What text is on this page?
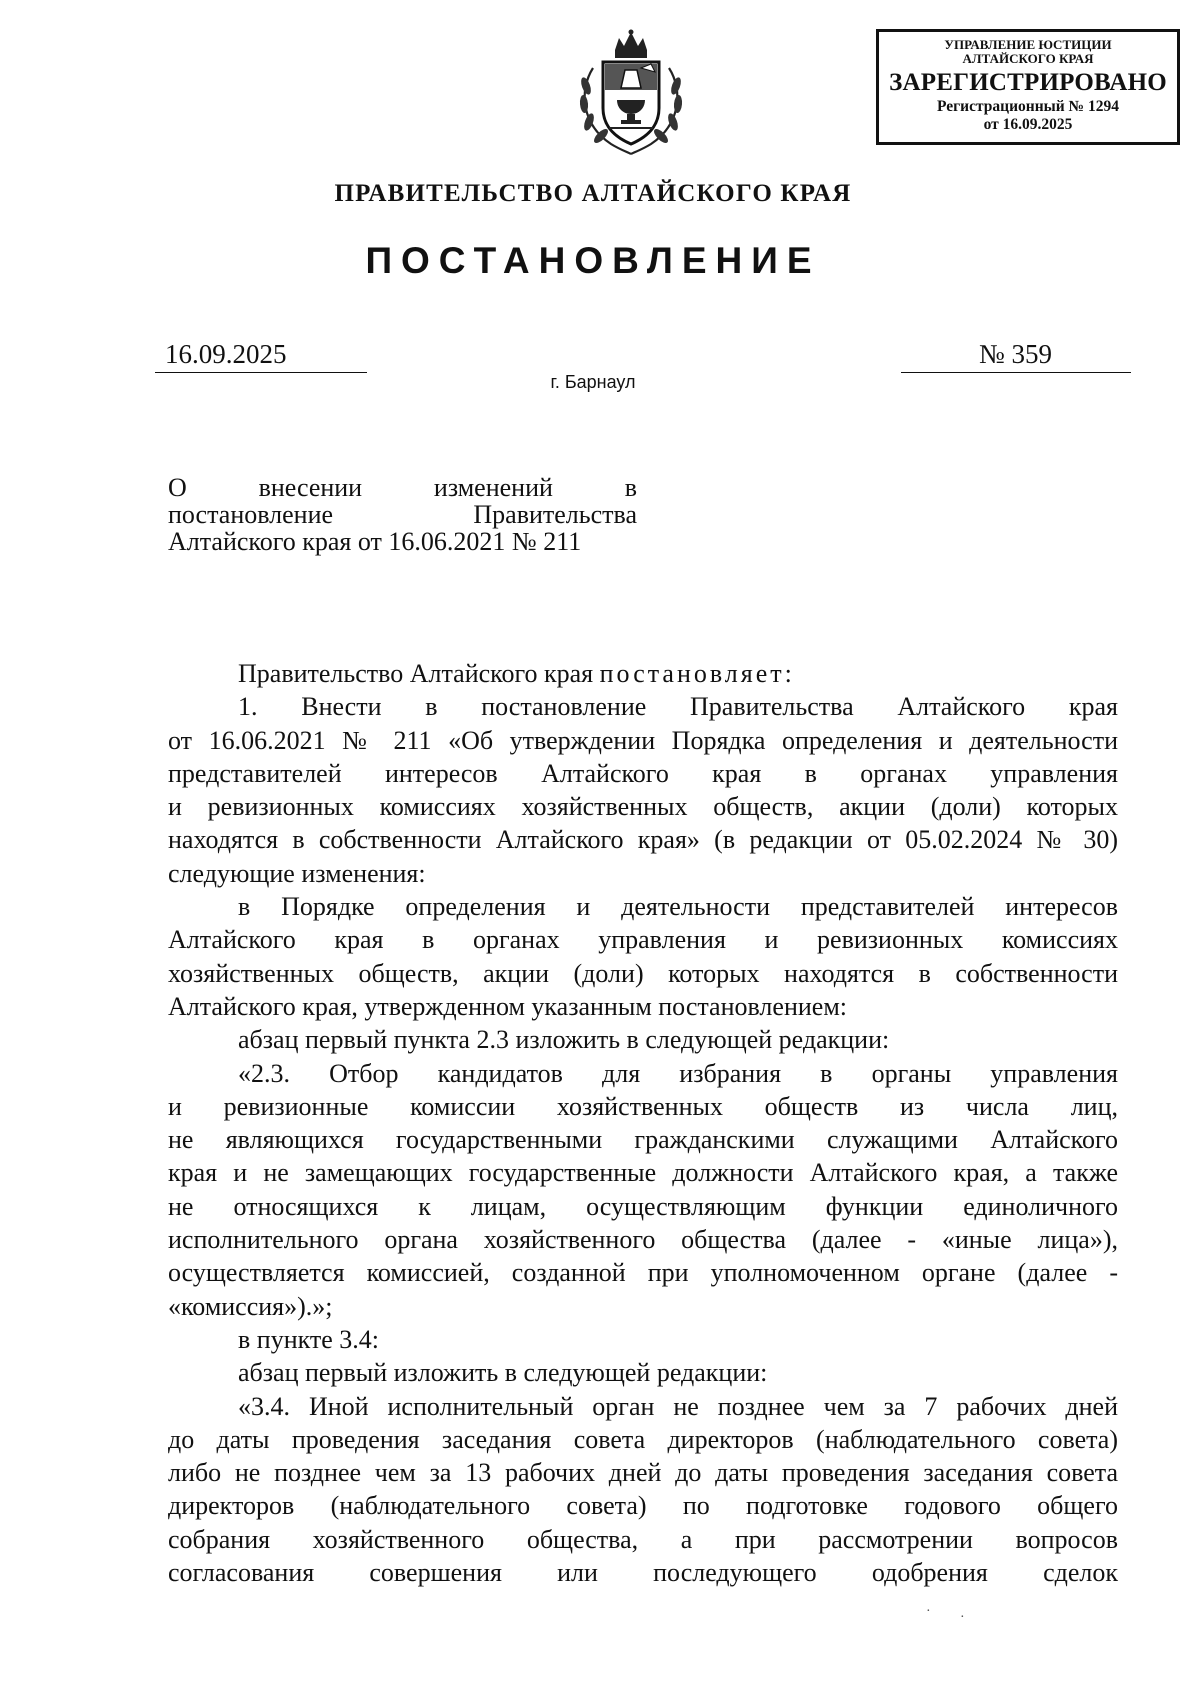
УПРАВЛЕНИЕ ЮСТИЦИИ
АЛТАЙСКОГО КРАЯ
ЗАРЕГИСТРИРОВАНО
Регистрационный № 1294
от 16.09.2025
ПРАВИТЕЛЬСТВО АЛТАЙСКОГО КРАЯ
ПОСТАНОВЛЕНИЕ
16.09.2025	№ 359
г. Барнаул
О внесении изменений в
постановление Правительства
Алтайского края от 16.06.2021 № 211

Правительство Алтайского края постановляет:

1. Внести в постановление Правительства Алтайского края

от 16.06.2021 № 211 «Об утверждении Порядка определения и деятельности

представителей интересов Алтайского края в органах управления

и ревизионных комиссиях хозяйственных обществ, акции (доли) которых

находятся в собственности Алтайского края» (в редакции от 05.02.2024 № 30)

следующие изменения:

в Порядке определения и деятельности представителей интересов

Алтайского края в органах управления и ревизионных комиссиях

хозяйственных обществ, акции (доли) которых находятся в собственности

Алтайского края, утвержденном указанным постановлением:

абзац первый пункта 2.3 изложить в следующей редакции:

«2.3. Отбор кандидатов для избрания в органы управления

и ревизионные комиссии хозяйственных обществ из числа лиц,

не являющихся государственными гражданскими служащими Алтайского

края и не замещающих государственные должности Алтайского края, а также

не относящихся к лицам, осуществляющим функции единоличного

исполнительного органа хозяйственного общества (далее - «иные лица»),

осуществляется комиссией, созданной при уполномоченном органе (далее -

«комиссия»).»;

в пункте 3.4:

абзац первый изложить в следующей редакции:

«3.4. Иной исполнительный орган не позднее чем за 7 рабочих дней

до даты проведения заседания совета директоров (наблюдательного совета)

либо не позднее чем за 13 рабочих дней до даты проведения заседания совета

директоров (наблюдательного совета) по подготовке годового общего

собрания хозяйственного общества, а при рассмотрении вопросов

согласования совершения или последующего одобрения сделок

· ·
